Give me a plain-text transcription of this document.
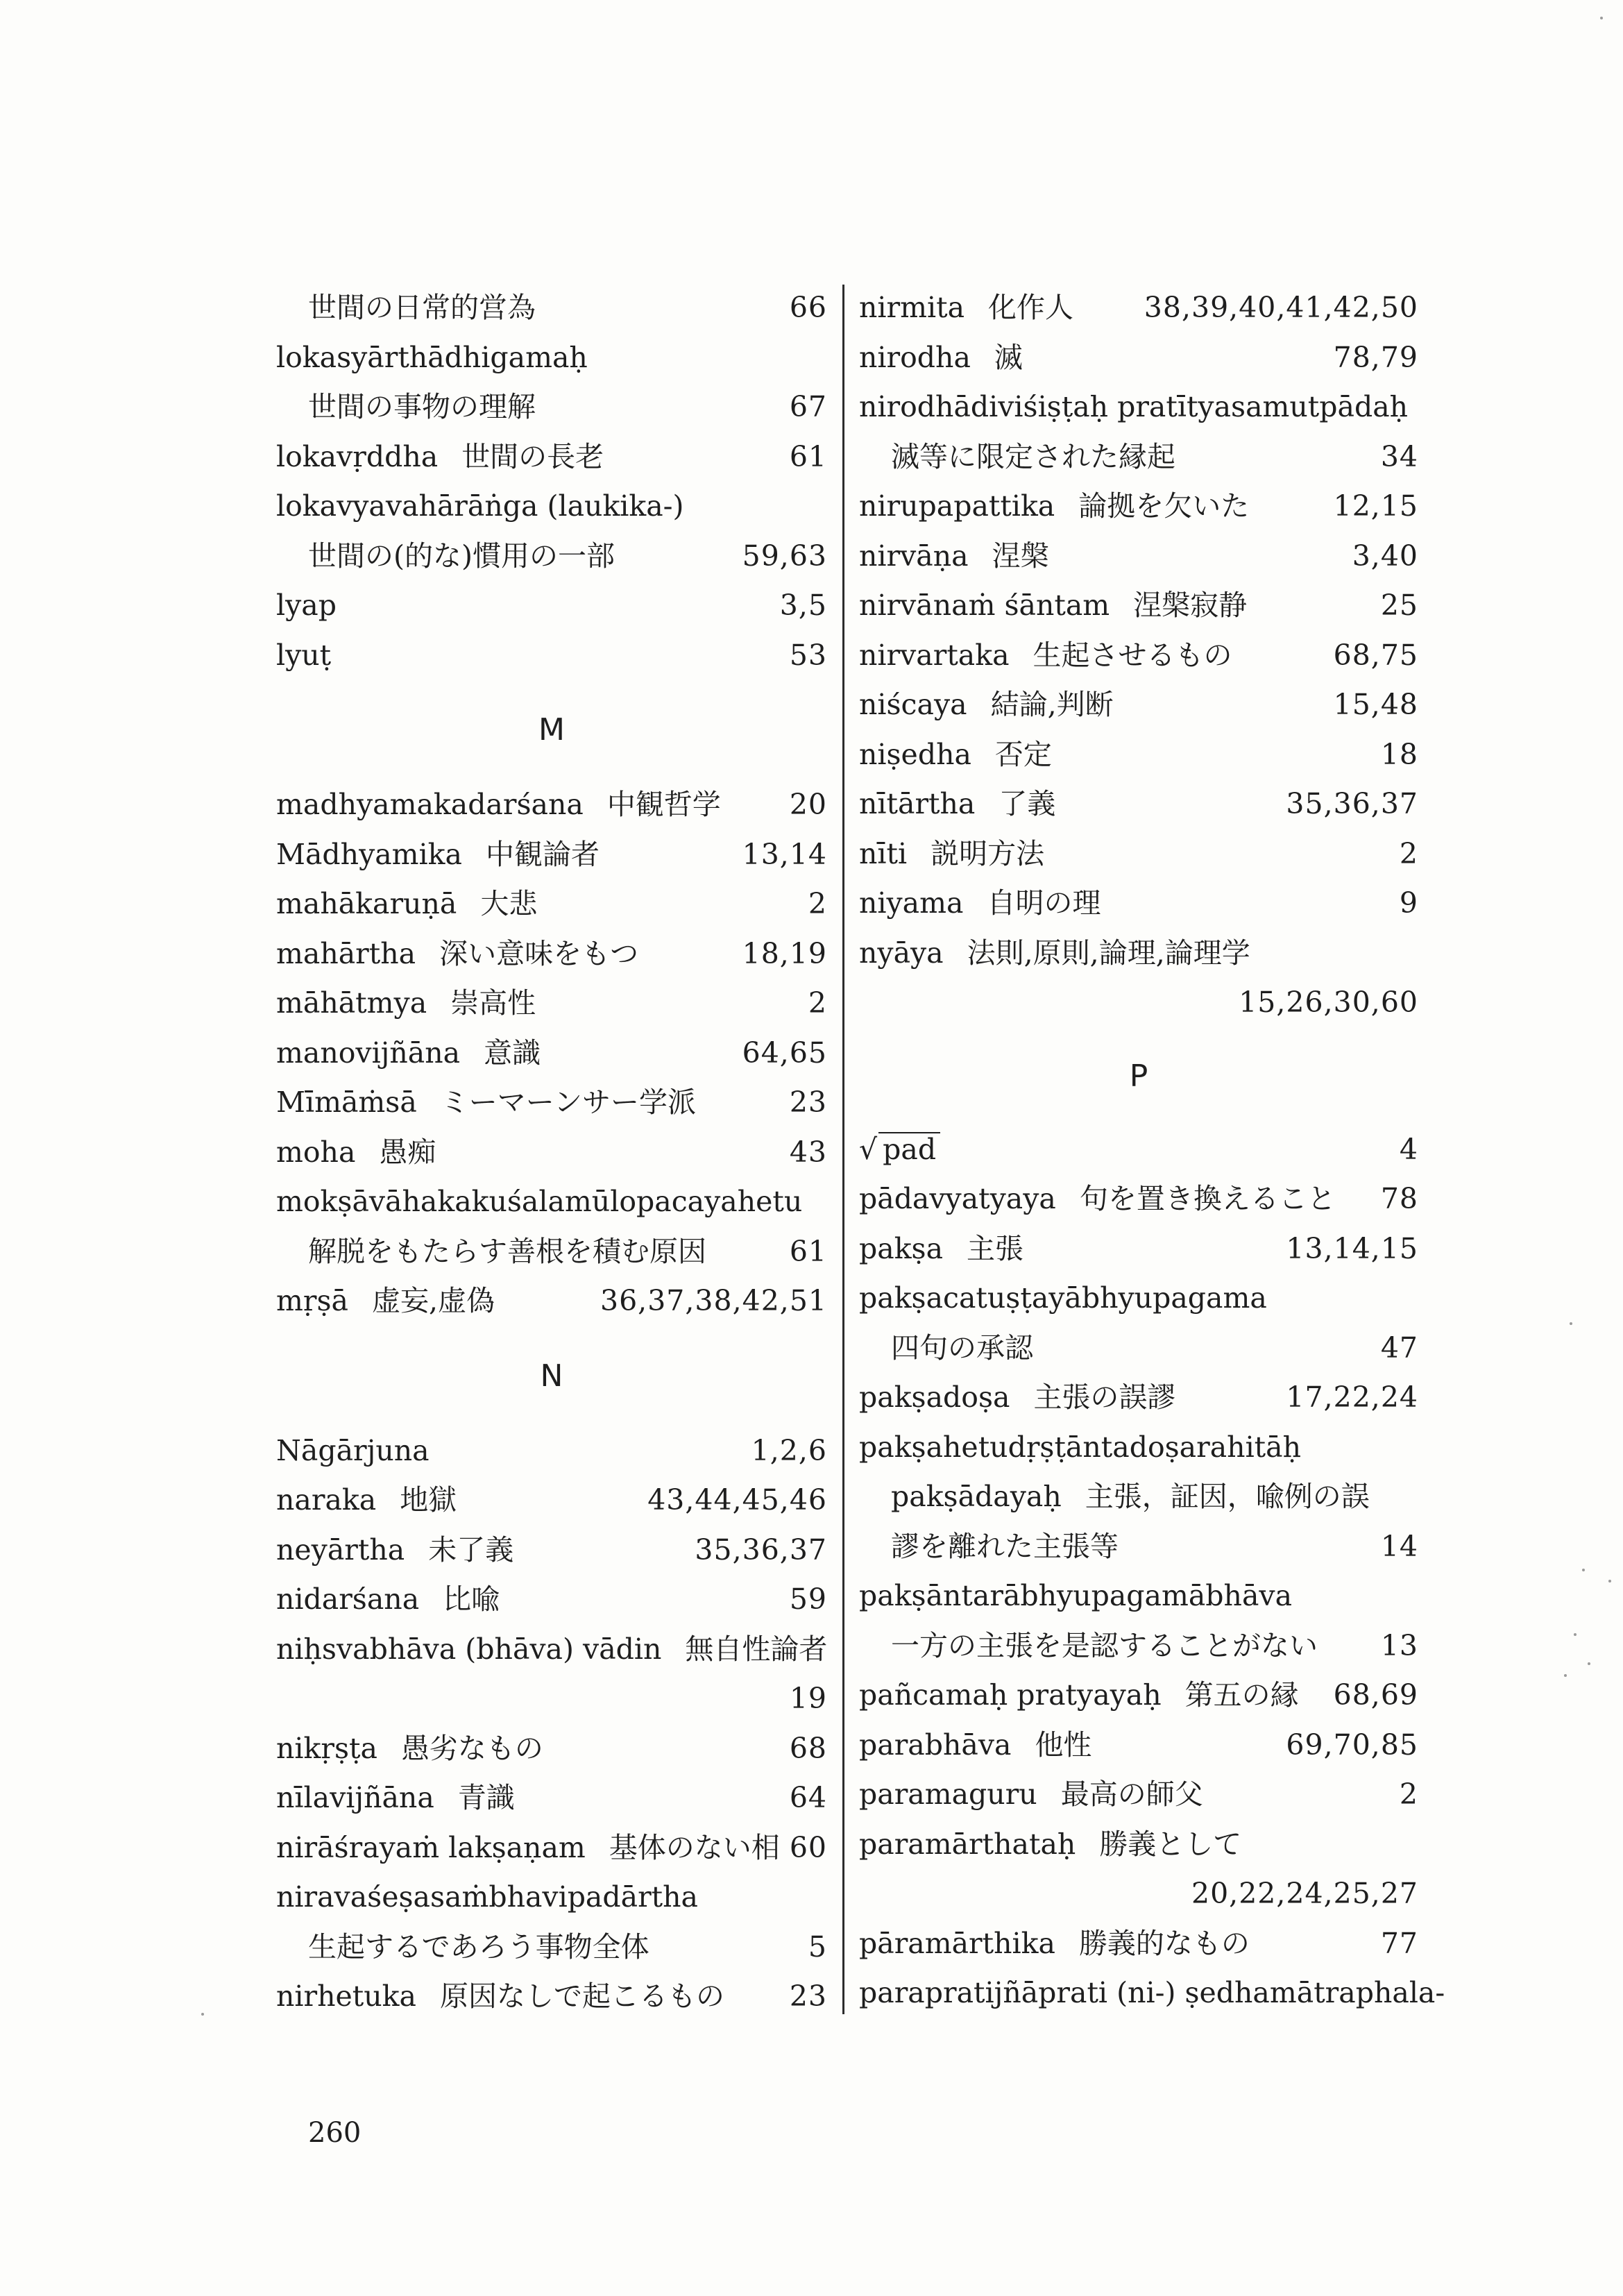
世間の日常的営為	66
lokasyārthādhigamaḥ
世間の事物の理解	67
lokavṛddha 世間の長老	61
lokavyavahārāṅga (laukika-)
世間の(的な)慣用の一部	59,63
lyap	3,5
lyuṭ	53
M
madhyamakadarśana 中観哲学 20
Mādhyamika 中観論者	13,14
mahākaruṇā 大悲	2
mahārtha 深い意味をもつ	18,19
māhātmya 崇高性	2
manovijñāna 意識	64,65
Mīmāṁsā ミーマーンサー学派	23
moha 愚痴	43
mokṣāvāhakakuśalamūlopacayahetu
解脱をもたらす善根を積む原因	61
mṛṣā 虚妄,虚偽	36,37,38,42,51
N
Nāgārjuna	1,2,6
naraka 地獄	43,44,45,46
neyārtha 未了義	35,36,37
nidarśana 比喩	59
niḥsvabhāva (bhāva) vādin 無自性論者
19
nikṛṣṭa 愚劣なもの	68
nīlavijñāna 青識	64
nirāśrayaṁ lakṣaṇam 基体のない相 60
niravaśeṣasaṁbhavipadārtha
生起するであろう事物全体	5
nirhetuka 原因なしで起こるもの 23
nirmita 化作人 38,39,40,41,42,50
nirodha 滅	78,79
nirodhādiviśiṣṭaḥ pratītyasamutpādaḥ
滅等に限定された縁起	34
nirupapattika 論拠を欠いた	12,15
nirvāṇa 涅槃	3,40
nirvānaṁ śāntam 涅槃寂静	25
nirvartaka 生起させるもの	68,75
niścaya 結論,判断	15,48
niṣedha 否定	18
nītārtha 了義	35,36,37
nīti 説明方法	2
niyama 自明の理	9
nyāya 法則,原則,論理,論理学
15,26,30,60
P
√ pad	4
pādavyatyaya 句を置き換えること 78
pakṣa 主張	13,14,15
pakṣacatuṣṭayābhyupagama
四句の承認	47
pakṣadoṣa 主張の誤謬	17,22,24
pakṣahetudṛṣṭāntadoṣarahitāḥ
pakṣādayaḥ 主張，証因，喩例の誤
謬を離れた主張等	14
pakṣāntarābhyupagamābhāva
一方の主張を是認することがない 13
pañcamaḥ pratyayaḥ 第五の縁 68,69
parabhāva 他性	69,70,85
paramaguru 最高の師父	2
paramārthataḥ 勝義として
20,22,24,25,27
pāramārthika 勝義的なもの	77
parapratijñāprati (ni-) ṣedhamātraphala-
260
